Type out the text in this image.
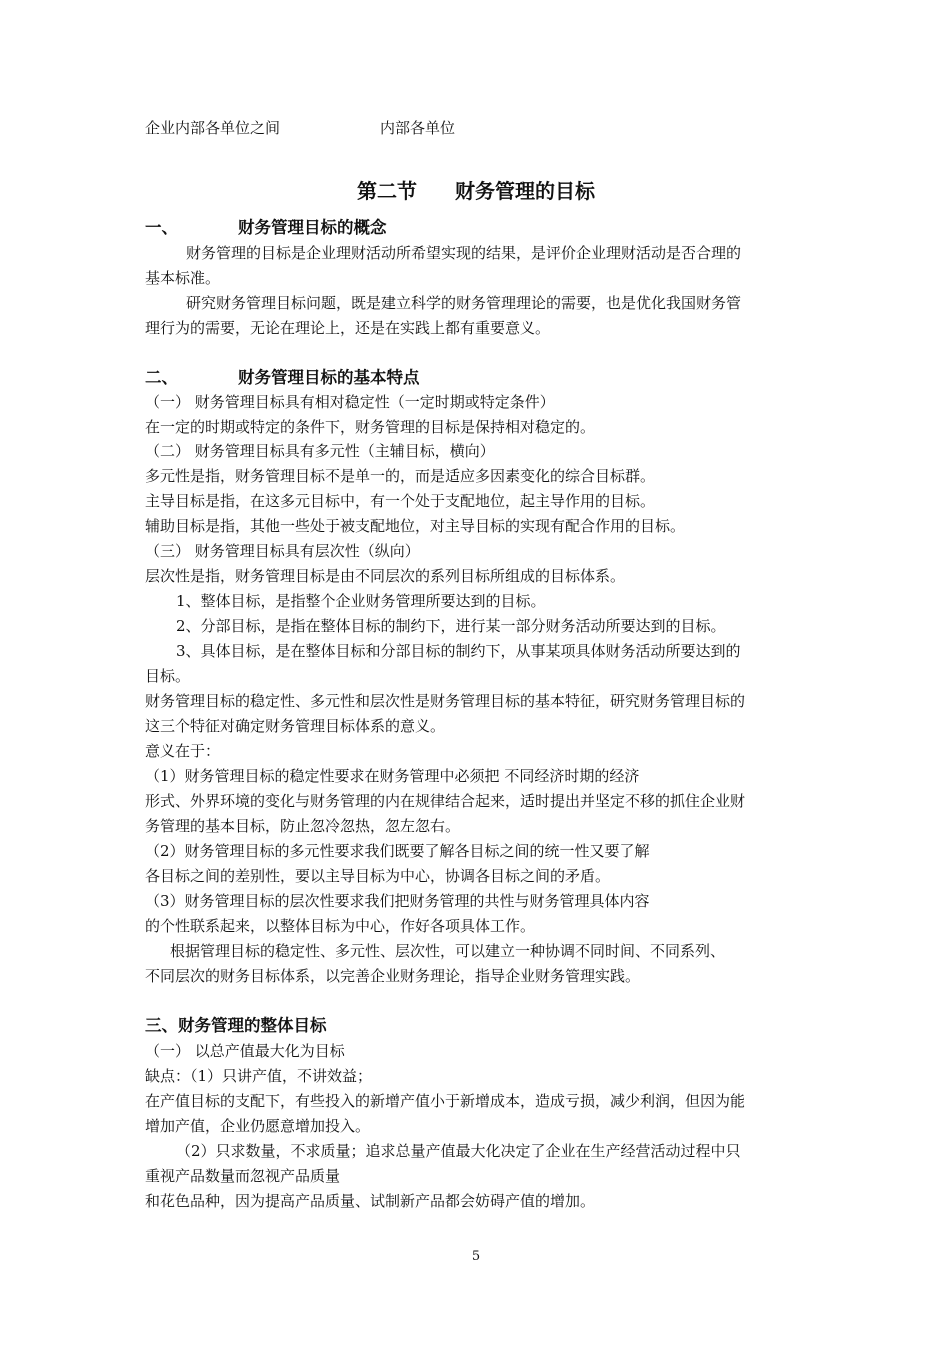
企业内部各单位之间	内部各单位
第二节 财务管理的目标
一、	财务管理目标的概念
财务管理的目标是企业理财活动所希望实现的结果，是评价企业理财活动是否合理的
基本标准。
研究财务管理目标问题，既是建立科学的财务管理理论的需要，也是优化我国财务管
理行为的需要，无论在理论上，还是在实践上都有重要意义。
二、	财务管理目标的基本特点
（一） 财务管理目标具有相对稳定性（一定时期或特定条件）
在一定的时期或特定的条件下，财务管理的目标是保持相对稳定的。
（二） 财务管理目标具有多元性（主辅目标，横向）
多元性是指，财务管理目标不是单一的，而是适应多因素变化的综合目标群。
主导目标是指，在这多元目标中，有一个处于支配地位，起主导作用的目标。
辅助目标是指，其他一些处于被支配地位，对主导目标的实现有配合作用的目标。
（三） 财务管理目标具有层次性（纵向）
层次性是指，财务管理目标是由不同层次的系列目标所组成的目标体系。
1、整体目标，是指整个企业财务管理所要达到的目标。
2、分部目标，是指在整体目标的制约下，进行某一部分财务活动所要达到的目标。
3、具体目标，是在整体目标和分部目标的制约下，从事某项具体财务活动所要达到的
目标。
财务管理目标的稳定性、多元性和层次性是财务管理目标的基本特征，研究财务管理目标的
这三个特征对确定财务管理目标体系的意义。
意义在于：
（1）财务管理目标的稳定性要求在财务管理中必须把 不同经济时期的经济
形式、外界环境的变化与财务管理的内在规律结合起来，适时提出并坚定不移的抓住企业财
务管理的基本目标，防止忽冷忽热，忽左忽右。
（2）财务管理目标的多元性要求我们既要了解各目标之间的统一性又要了解
各目标之间的差别性，要以主导目标为中心，协调各目标之间的矛盾。
（3）财务管理目标的层次性要求我们把财务管理的共性与财务管理具体内容
的个性联系起来，以整体目标为中心，作好各项具体工作。
根据管理目标的稳定性、多元性、层次性，可以建立一种协调不同时间、不同系列、
不同层次的财务目标体系，以完善企业财务理论，指导企业财务管理实践。
三、财务管理的整体目标
（一） 以总产值最大化为目标
缺点：（1）只讲产值，不讲效益；
在产值目标的支配下，有些投入的新增产值小于新增成本，造成亏损，减少利润，但因为能
增加产值，企业仍愿意增加投入。
（2）只求数量，不求质量；追求总量产值最大化决定了企业在生产经营活动过程中只
重视产品数量而忽视产品质量
和花色品种，因为提高产品质量、试制新产品都会妨碍产值的增加。
5
